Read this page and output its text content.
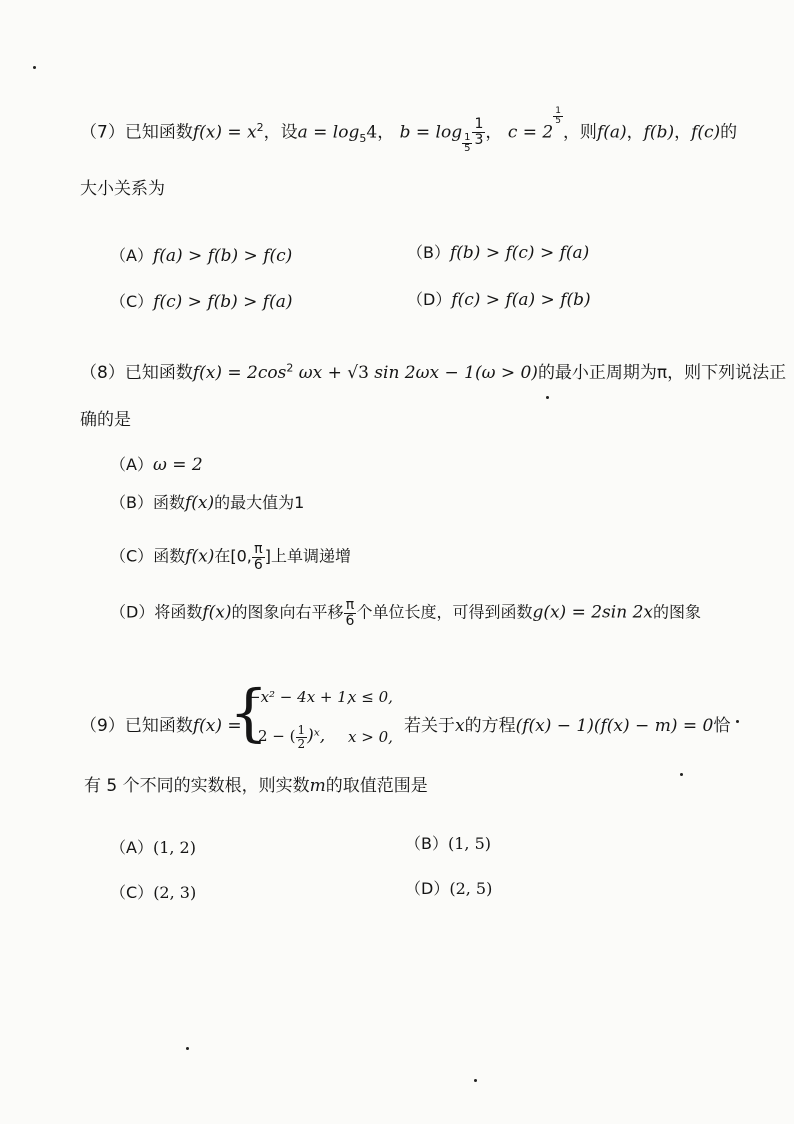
（7）已知函数$f(x) = x^2$，设$a = \log_54$， b = log
$\frac{1}{5} \frac{1}{3}$ ， c = 2
$\frac{1}{5}$
，则f(a)，f(b)，f(c)的
大小关系为
（A）f(a) > f(b) > f(c)	（B）f(b) > f(c) > f(a)
（C）f(c) > f(b) > f(a)	（D）f(c) > f(a) > f(b)
（8）已知函数$f(x) = 2\cos^2$ ωx + √3 sin 2ωx − 1(ω > 0)的最小正周期为π，则下列说法正
确的是
（A）ω = 2
（B）函数f(x)的最大值为1
（C）函数f(x)在[0, $\frac{\pi}{6}$ ]上单调递增
（D）将函数f(x)的图象向右平移 $\frac{\pi}{6}$ 个单位长度，可得到函数g(x) = 2sin 2x的图象
（9）已知函数f(x) =
{
−x² − 4x + 1,
x ≤ 0,
2 − ( $\frac{1}{2}$ )ˣ, x > 0,
若关于x的方程(f(x) − 1)(f(x) − m) = 0恰
有 5 个不同的实数根，则实数m的取值范围是
（A）(1, 2)	（B）(1, 5)
（C）(2, 3)	（D）(2, 5)
